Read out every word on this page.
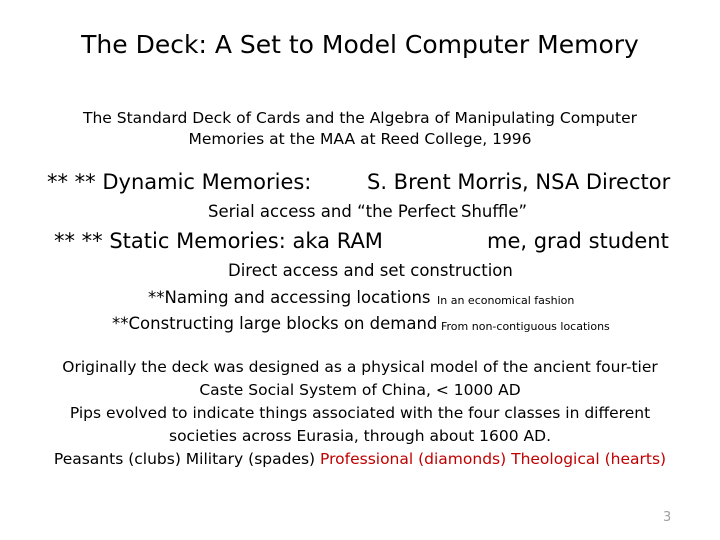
The Deck: A Set to Model Computer Memory
The Standard Deck of Cards and the Algebra of Manipulating Computer
Memories at the MAA at Reed College, 1996
** ** Dynamic Memories:	S. Brent Morris, NSA Director
Serial access and “the Perfect Shuffle”
** ** Static Memories: aka RAM	me, grad student
Direct access and set construction
**Naming and accessing locations In an economical fashion
**Constructing large blocks on demand From non-contiguous locations
Originally the deck was designed as a physical model of the ancient four-tier
Caste Social System of China, < 1000 AD
Pips evolved to indicate things associated with the four classes in different
societies across Eurasia, through about 1600 AD.
Peasants (clubs) Military (spades) Professional (diamonds) Theological (hearts)
3
